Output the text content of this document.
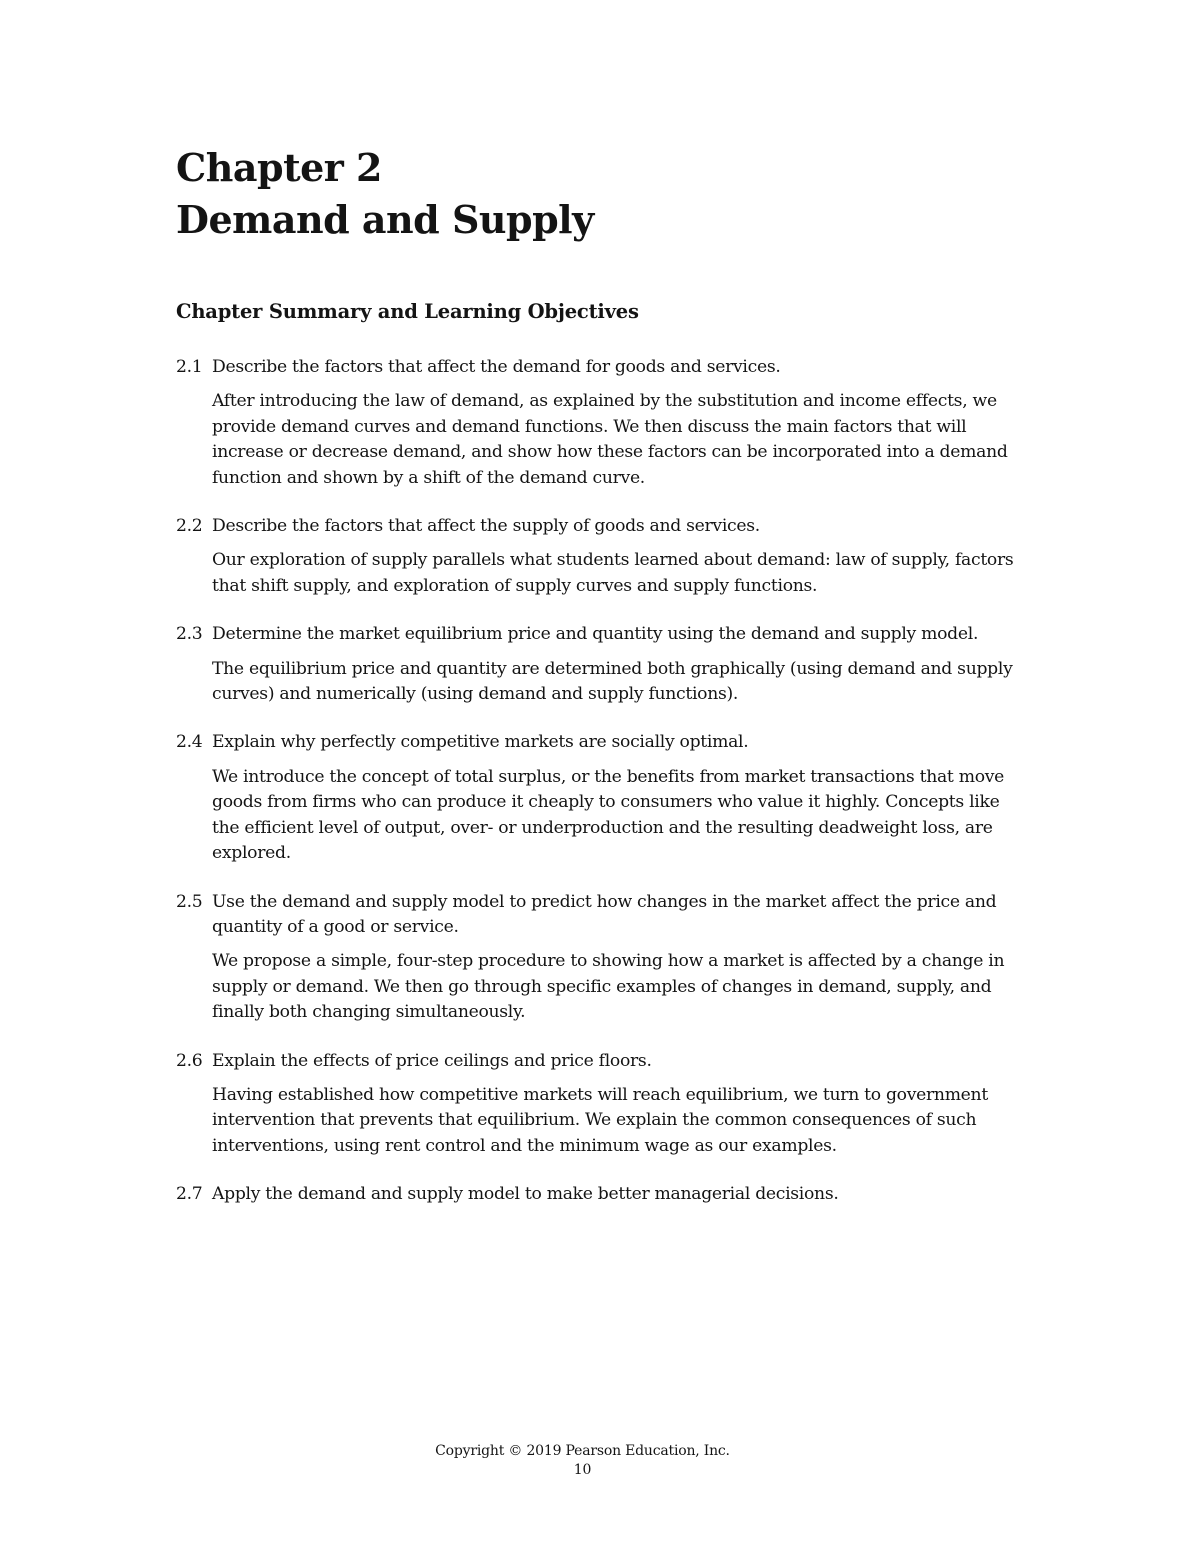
Chapter 2
Demand and Supply
Chapter Summary and Learning Objectives

2.1 Describe the factors that affect the demand for goods and services.

After introducing the law of demand, as explained by the substitution and income effects, we provide demand curves and demand functions. We then discuss the main factors that will increase or decrease demand, and show how these factors can be incorporated into a demand function and shown by a shift of the demand curve.

2.2 Describe the factors that affect the supply of goods and services.

Our exploration of supply parallels what students learned about demand: law of supply, factors that shift supply, and exploration of supply curves and supply functions.

2.3 Determine the market equilibrium price and quantity using the demand and supply model.

The equilibrium price and quantity are determined both graphically (using demand and supply curves) and numerically (using demand and supply functions).

2.4 Explain why perfectly competitive markets are socially optimal.

We introduce the concept of total surplus, or the benefits from market transactions that move goods from firms who can produce it cheaply to consumers who value it highly. Concepts like the efficient level of output, over- or underproduction and the resulting deadweight loss, are explored.

2.5 Use the demand and supply model to predict how changes in the market affect the price and quantity of a good or service.

We propose a simple, four-step procedure to showing how a market is affected by a change in supply or demand. We then go through specific examples of changes in demand, supply, and finally both changing simultaneously.

2.6 Explain the effects of price ceilings and price floors.

Having established how competitive markets will reach equilibrium, we turn to government intervention that prevents that equilibrium. We explain the common consequences of such interventions, using rent control and the minimum wage as our examples.

2.7 Apply the demand and supply model to make better managerial decisions.

Copyright © 2019 Pearson Education, Inc.
10
